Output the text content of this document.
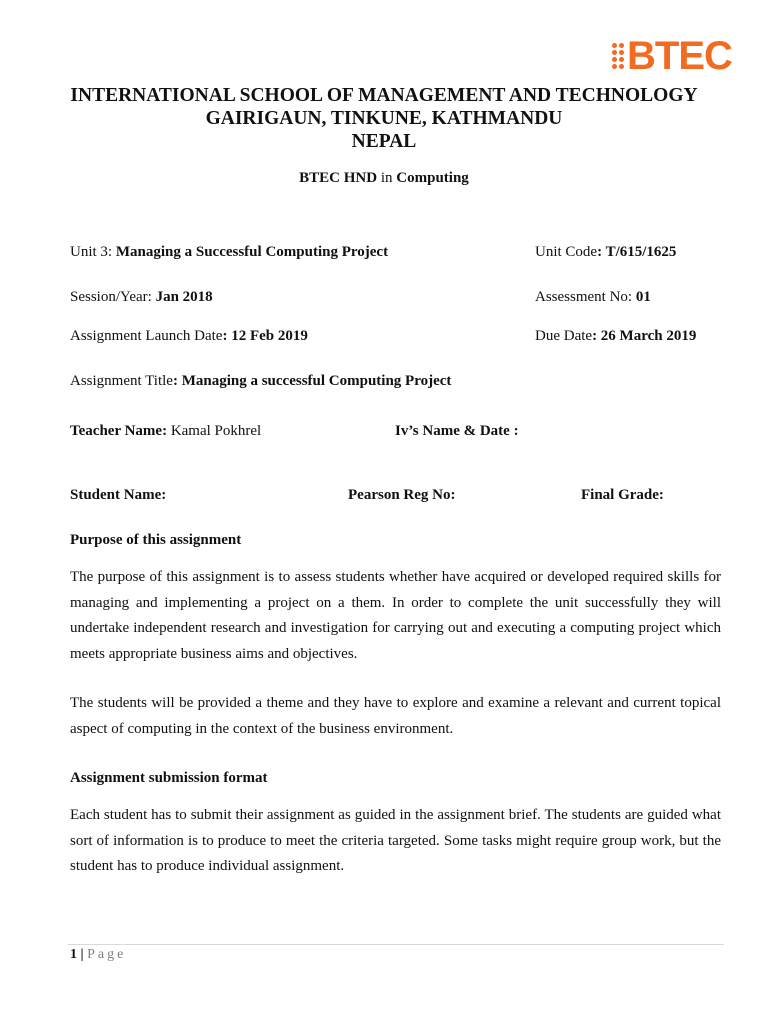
BTEC
INTERNATIONAL SCHOOL OF MANAGEMENT AND TECHNOLOGY
GAIRIGAUN, TINKUNE, KATHMANDU
NEPAL
BTEC HND in Computing
Unit 3: Managing a Successful Computing Project	Unit Code: T/615/1625
Session/Year: Jan 2018	Assessment No: 01
Assignment Launch Date: 12 Feb 2019	Due Date: 26 March 2019
Assignment Title: Managing a successful Computing Project
Teacher Name: Kamal Pokhrel	Iv’s Name & Date :
Student Name:	Pearson Reg No:	Final Grade:
Purpose of this assignment

The purpose of this assignment is to assess students whether have acquired or developed required skills for managing and implementing a project on a them. In order to complete the unit successfully they will undertake independent research and investigation for carrying out and executing a computing project which meets appropriate business aims and objectives.

The students will be provided a theme and they have to explore and examine a relevant and current topical aspect of computing in the context of the business environment.

Assignment submission format

Each student has to submit their assignment as guided in the assignment brief. The students are guided what sort of information is to produce to meet the criteria targeted. Some tasks might require group work, but the student has to produce individual assignment.

1 | Page
